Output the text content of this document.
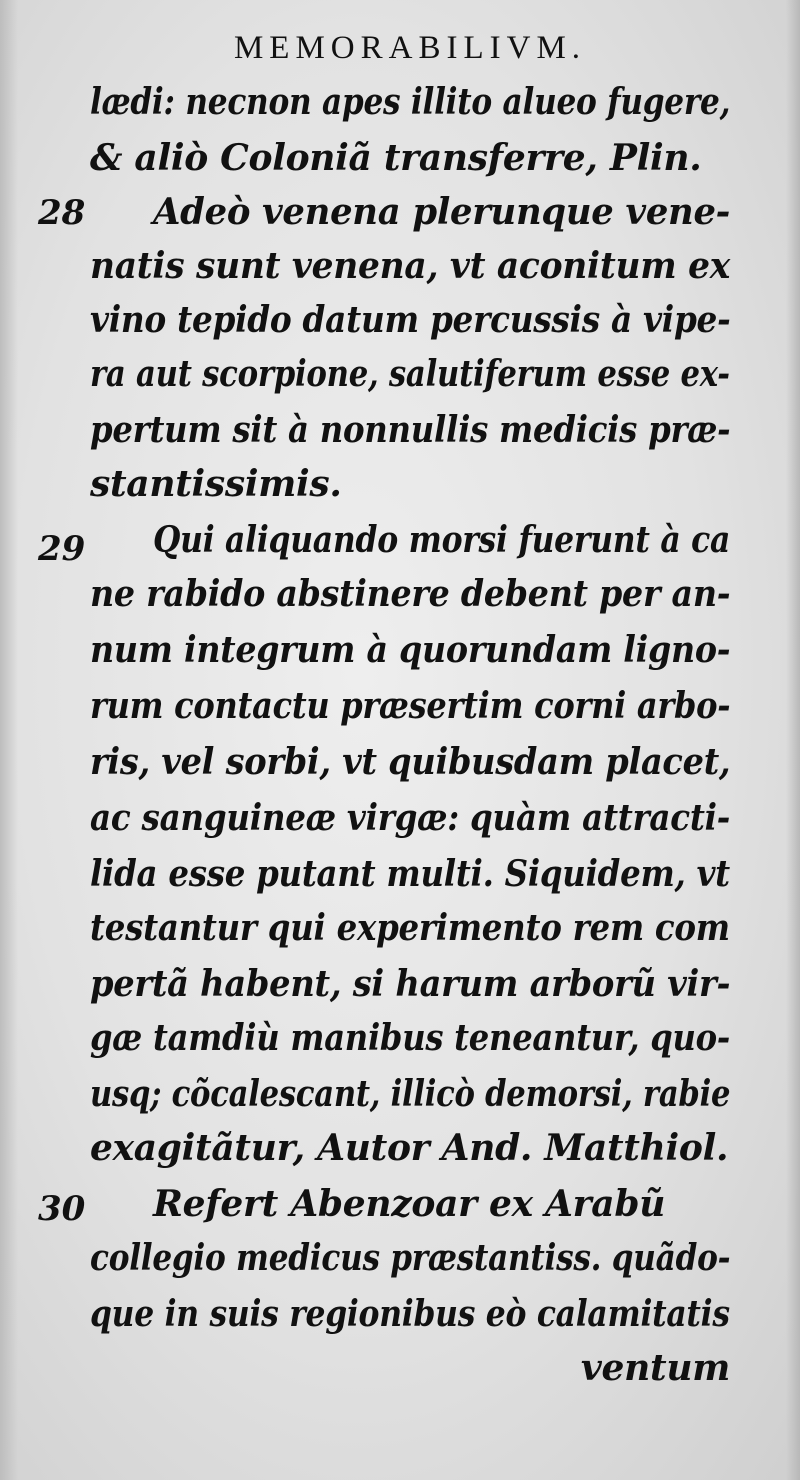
MEMORABILIVM.
28
29
30
lædi: necnon apes illito alueo fugere,
& aliò Coloniã transferre, Plin.
Adeò venena plerunque vene-
natis sunt venena, vt aconitum ex
vino tepido datum percussis à vipe-
ra aut scorpione, salutiferum esse ex-
pertum sit à nonnullis medicis præ-
stantissimis.
Qui aliquando morsi fuerunt à ca
ne rabido abstinere debent per an-
num integrum à quorundam ligno-
rum contactu præsertim corni arbo-
ris, vel sorbi, vt quibusdam placet,
ac sanguineæ virgæ: quàm attracti-
lida esse putant multi. Siquidem, vt
testantur qui experimento rem com
pertã habent, si harum arborũ vir-
gæ tamdiù manibus teneantur, quo-
usq; cõcalescant, illicò demorsi, rabie
exagitãtur, Autor And. Matthiol.
Refert Abenzoar ex Arabũ
collegio medicus præstantiss. quãdo-
que in suis regionibus eò calamitatis
ventum
